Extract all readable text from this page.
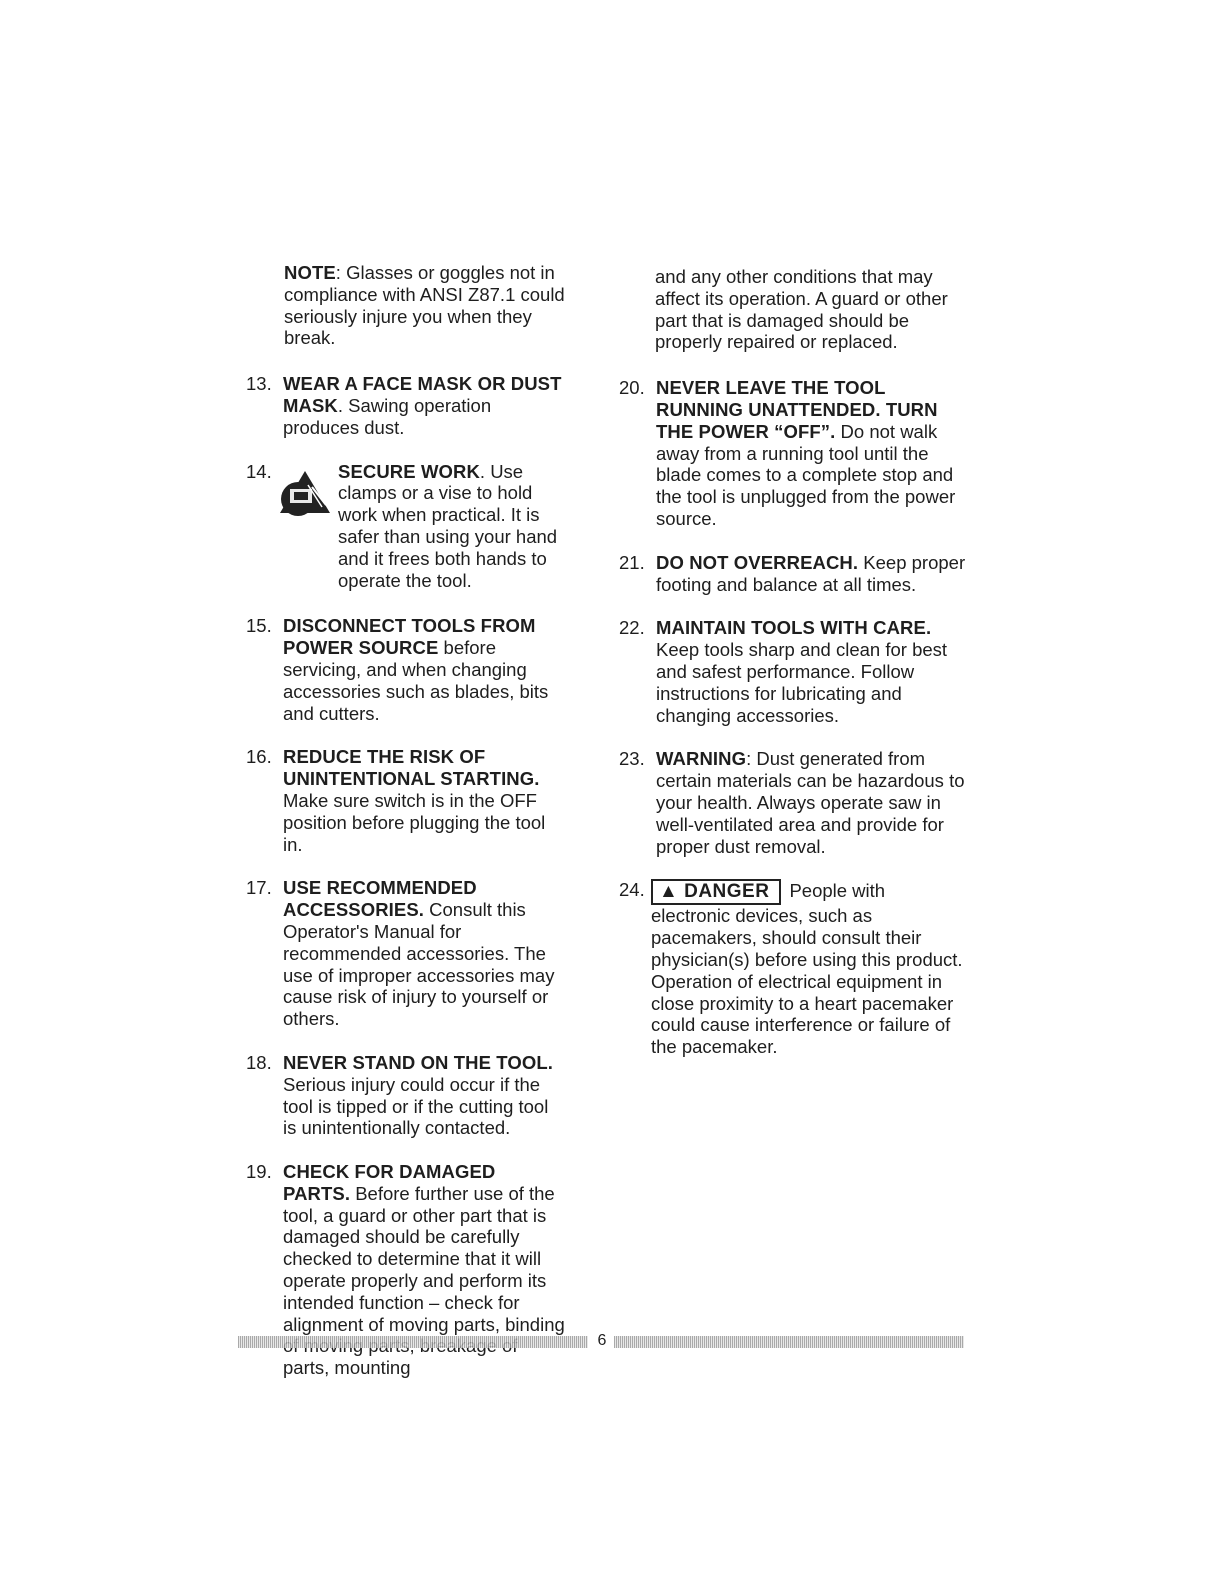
NOTE: Glasses or goggles not in compliance with ANSI Z87.1 could seriously injure you when they break.
13. WEAR A FACE MASK OR DUST MASK. Sawing operation produces dust.
14.	SECURE WORK. Use clamps or a vise to hold work when practical. It is safer than using your hand and it frees both hands to operate the tool.
15. DISCONNECT TOOLS FROM POWER SOURCE before servicing, and when changing accessories such as blades, bits and cutters.
16. REDUCE THE RISK OF UNINTENTIONAL STARTING. Make sure switch is in the OFF position before plugging the tool in.
17. USE RECOMMENDED ACCESSORIES. Consult this Operator's Manual for recommended accessories. The use of improper accessories may cause risk of injury to yourself or others.
18. NEVER STAND ON THE TOOL. Serious injury could occur if the tool is tipped or if the cutting tool is unintentionally contacted.
19. CHECK FOR DAMAGED PARTS. Before further use of the tool, a guard or other part that is damaged should be carefully checked to determine that it will operate properly and perform its intended function – check for alignment of moving parts, binding parts, mounting
and any other conditions that may affect its operation. A guard or other part that is damaged should be properly repaired or replaced.
20. NEVER LEAVE THE TOOL RUNNING UNATTENDED. TURN THE POWER “OFF”. Do not walk away from a running tool until the blade comes to a complete stop and the tool is unplugged from the power source.
21. DO NOT OVERREACH. Keep proper footing and balance at all times.
22. MAINTAIN TOOLS WITH CARE. Keep tools sharp and clean for best and safest performance. Follow instructions for lubricating and changing accessories.
23. WARNING: Dust generated from certain materials can be hazardous to your health. Always operate saw in well-ventilated area and provide for proper dust removal.
24. ▲ DANGER People with electronic devices, such as pacemakers, should consult their physician(s) before using this product. Operation of electrical equipment in close proximity to a heart pacemaker could cause interference or failure of the pacemaker.
6
